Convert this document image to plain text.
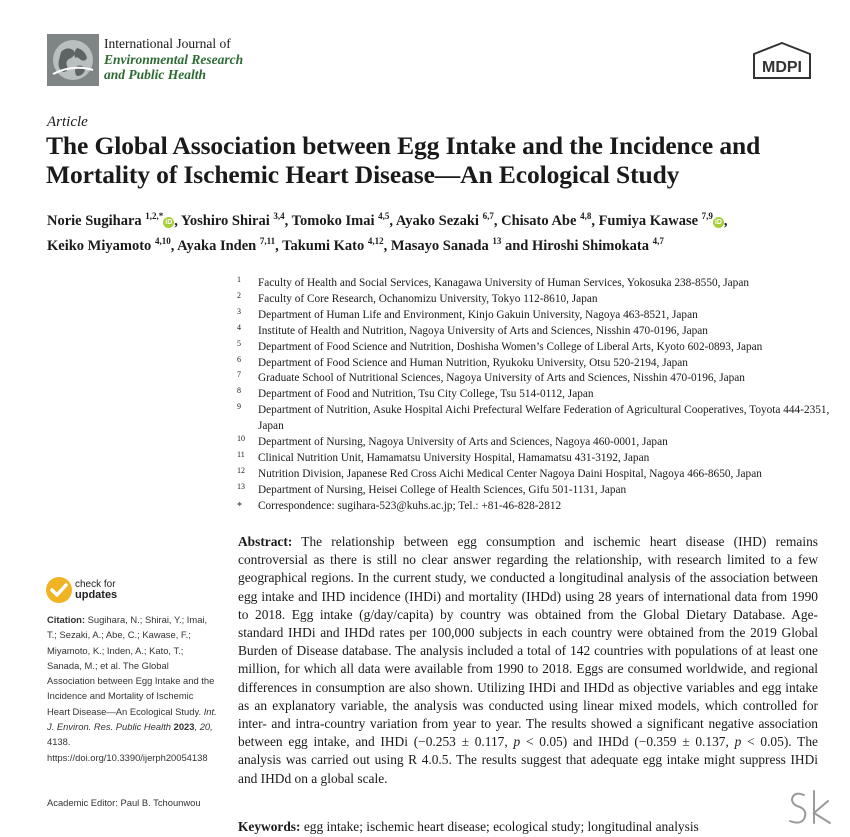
International Journal of
Environmental Research
and Public Health	MDPI
Article
The Global Association between Egg Intake and the Incidence and Mortality of Ischemic Heart Disease—An Ecological Study
Norie Sugihara $^{1,2,*}$iD , Yoshiro Shirai $^{3,4}$, Tomoko Imai $^{4,5}$, Ayako Sezaki $^{6,7}$, Chisato Abe $^{4,8}$, Fumiya Kawase $^{7,9}$iD ,
Keiko Miyamoto $^{4,10}$, Ayaka Inden $^{7,11}$, Takumi Kato $^{4,12}$, Masayo Sanada $^{13}$ and Hiroshi Shimokata $^{4,7}$
1 Faculty of Health and Social Services, Kanagawa University of Human Services, Yokosuka 238-8550, Japan
2 Faculty of Core Research, Ochanomizu University, Tokyo 112-8610, Japan
3 Department of Human Life and Environment, Kinjo Gakuin University, Nagoya 463-8521, Japan
4 Institute of Health and Nutrition, Nagoya University of Arts and Sciences, Nisshin 470-0196, Japan
5 Department of Food Science and Nutrition, Doshisha Women’s College of Liberal Arts, Kyoto 602-0893, Japan
6 Department of Food Science and Human Nutrition, Ryukoku University, Otsu 520-2194, Japan
7 Graduate School of Nutritional Sciences, Nagoya University of Arts and Sciences, Nisshin 470-0196, Japan
8 Department of Food and Nutrition, Tsu City College, Tsu 514-0112, Japan
9 Department of Nutrition, Asuke Hospital Aichi Prefectural Welfare Federation of Agricultural Cooperatives, Toyota 444-2351, Japan
10 Department of Nursing, Nagoya University of Arts and Sciences, Nagoya 460-0001, Japan
11 Clinical Nutrition Unit, Hamamatsu University Hospital, Hamamatsu 431-3192, Japan
12 Nutrition Division, Japanese Red Cross Aichi Medical Center Nagoya Daini Hospital, Nagoya 466-8650, Japan
13 Department of Nursing, Heisei College of Health Sciences, Gifu 501-1131, Japan
* Correspondence: sugihara-523@kuhs.ac.jp; Tel.: +81-46-828-2812
check for
updates
Citation: Sugihara, N.; Shirai, Y.; Imai, T.; Sezaki, A.; Abe, C.; Kawase, F.; Miyamoto, K.; Inden, A.; Kato, T.; Sanada, M.; et al. The Global Association between Egg Intake and the Incidence and Mortality of Ischemic Heart Disease—An Ecological Study. Int. J. Environ. Res. Public Health 2023, 20, 4138. https://doi.org/10.3390/ijerph20054138
Academic Editor: Paul B. Tchounwou
Abstract: The relationship between egg consumption and ischemic heart disease (IHD) remains controversial as there is still no clear answer regarding the relationship, with research limited to a few geographical regions. In the current study, we conducted a longitudinal analysis of the association between egg intake and IHD incidence (IHDi) and mortality (IHDd) using 28 years of international data from 1990 to 2018. Egg intake (g/day/capita) by country was obtained from the Global Dietary Database. Age-standard IHDi and IHDd rates per 100,000 subjects in each country were obtained from the 2019 Global Burden of Disease database. The analysis included a total of 142 countries with populations of at least one million, for which all data were available from 1990 to 2018. Eggs are consumed worldwide, and regional differences in consumption are also shown. Utilizing IHDi and IHDd as objective variables and egg intake as an explanatory variable, the analysis was conducted using linear mixed models, which controlled for inter- and intra-country variation from year to year. The results showed a significant negative association between egg intake, and IHDi (−0.253 ± 0.117, p < 0.05) and IHDd (−0.359 ± 0.137, p < 0.05). The analysis was carried out using R 4.0.5. The results suggest that adequate egg intake might suppress IHDi and IHDd on a global scale.
Keywords: egg intake; ischemic heart disease; ecological study; longitudinal analysis
